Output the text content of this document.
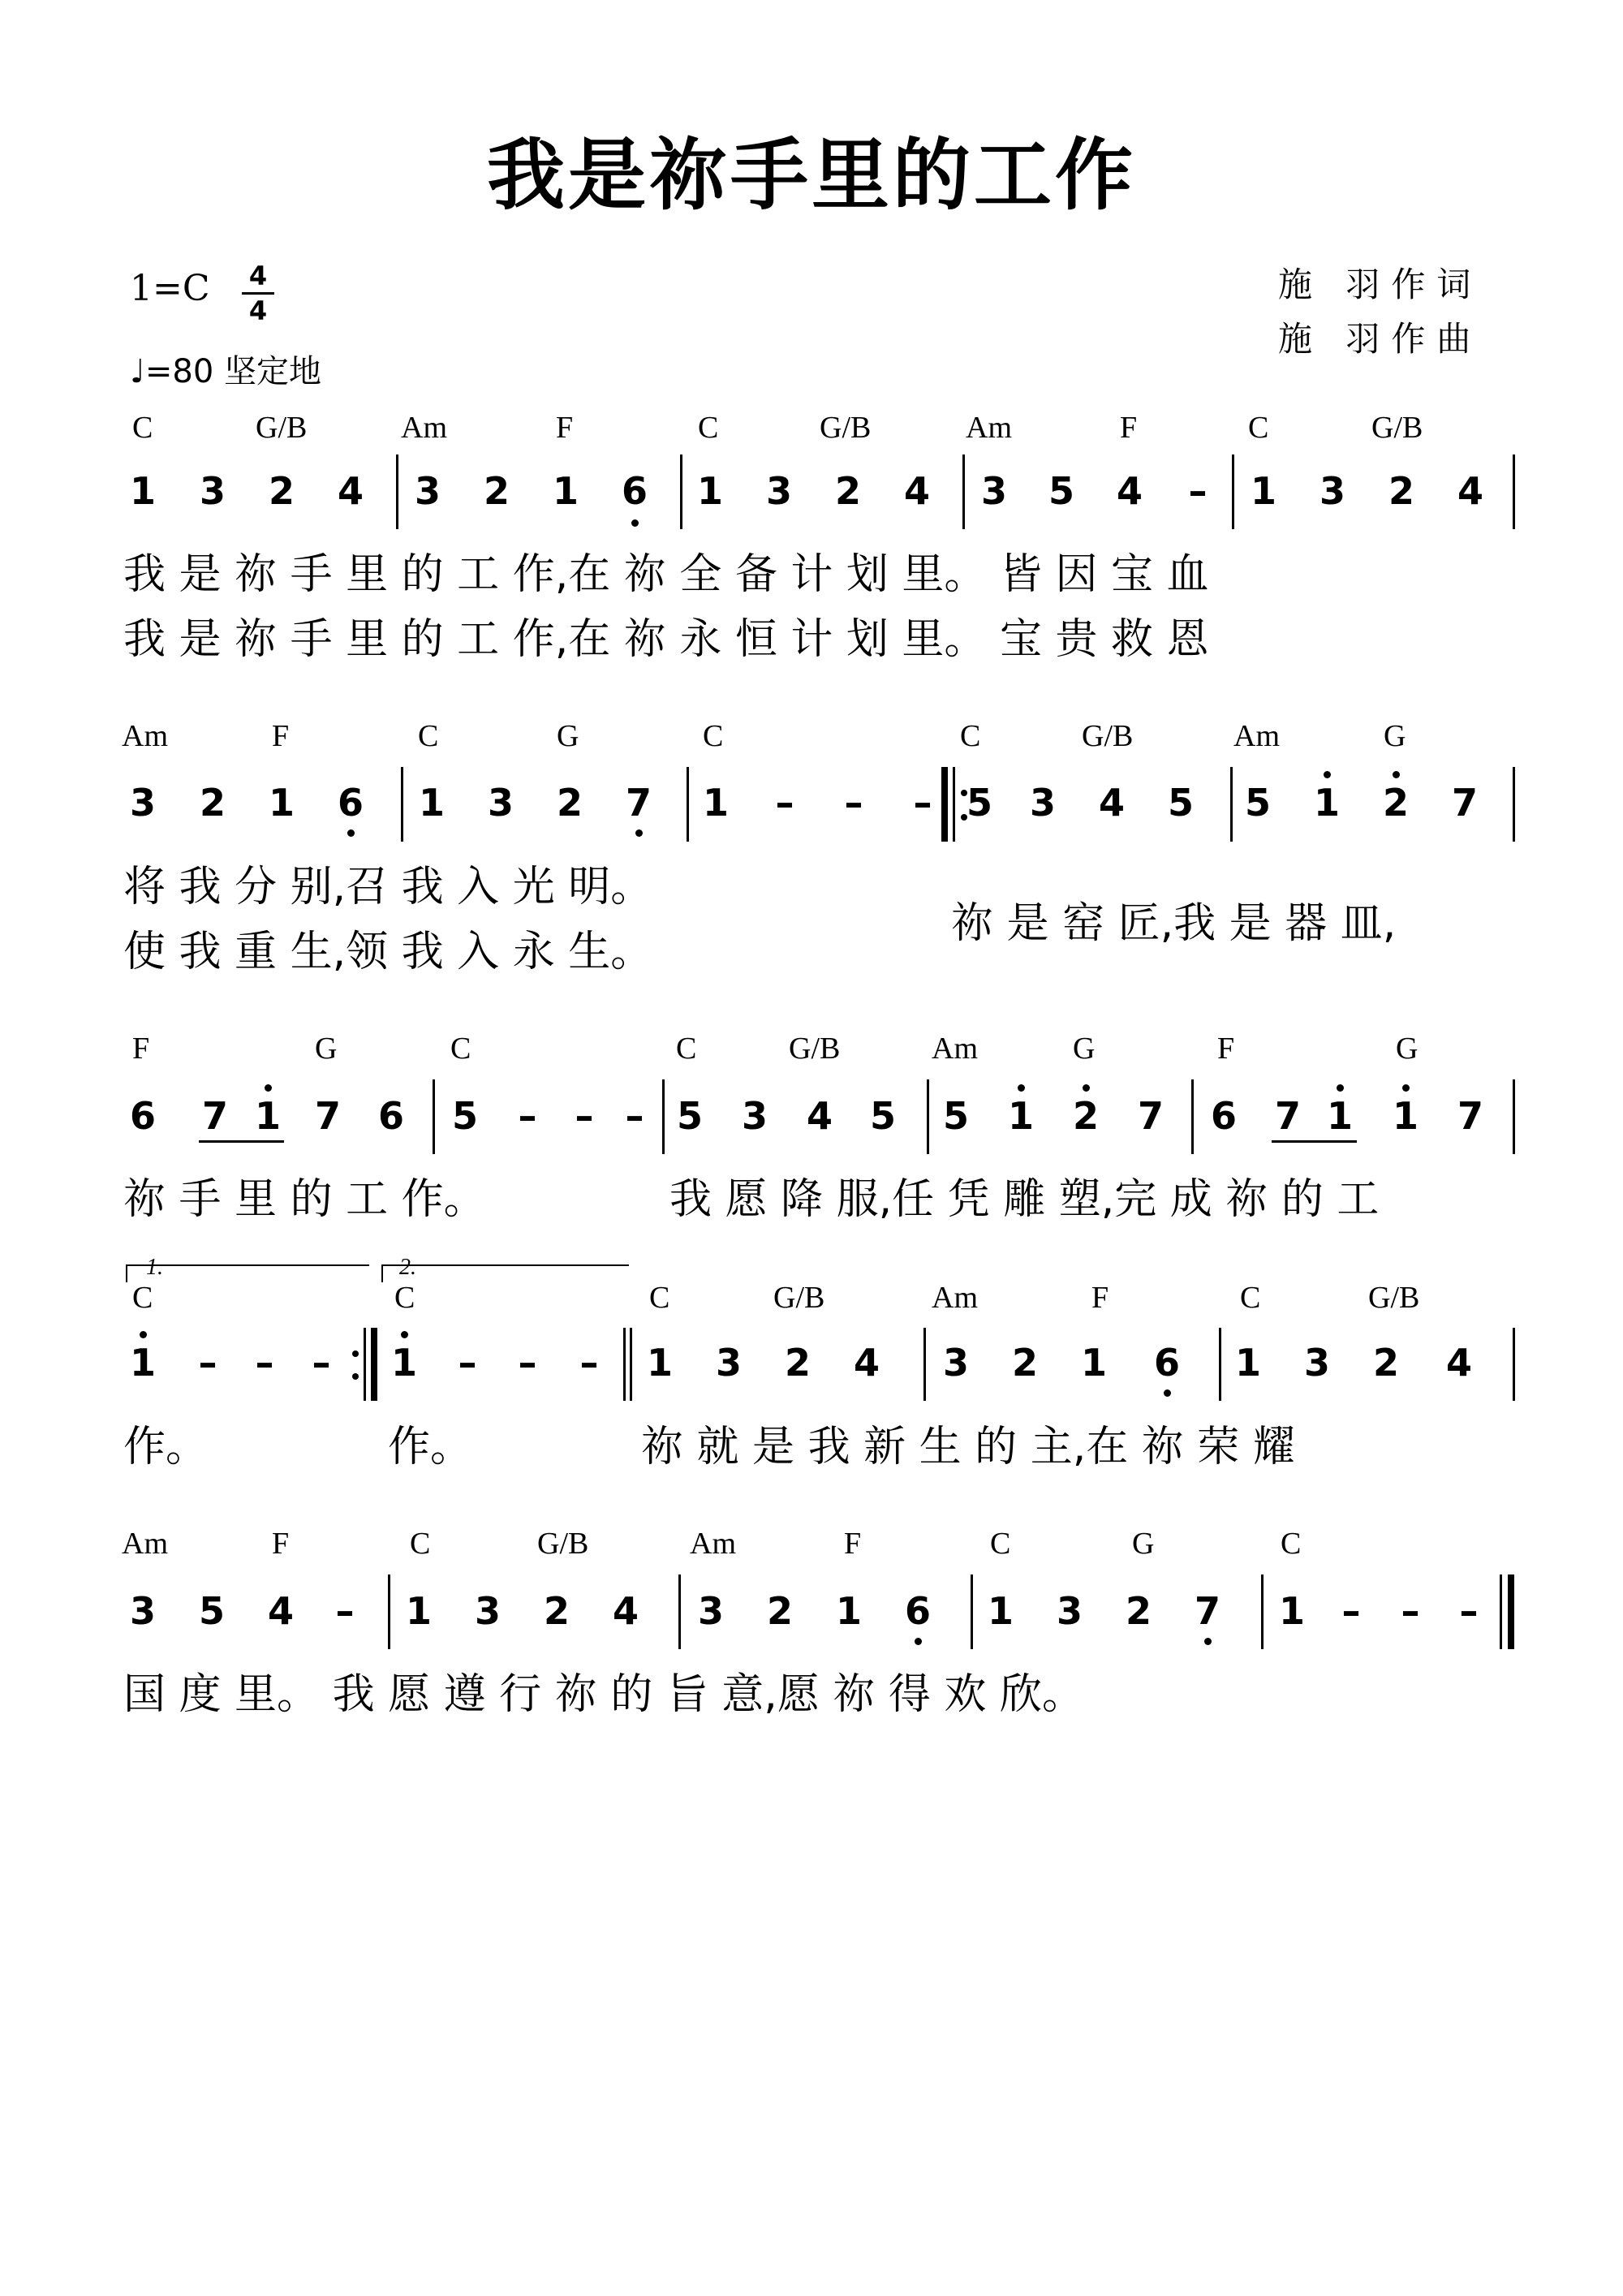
我是祢手里的工作
1=C 4
4
♩=80 坚定地
施 羽作词
施 羽作曲
C	G/B	Am	F	C	G/B	Am	F	C	G/B
1 3 2 4 3 2 1 6 1 3 2 4 3 5 4 – 1 3 2 4
我 是 祢 手 里 的 工 作,在 祢 全 备 计 划 里。 皆 因 宝 血
我 是 祢 手 里 的 工 作,在 祢 永 恒 计 划 里。 宝 贵 救 恩
Am	F	C	G	C	C	G/B	Am	G
3 2 1 6 1 3 2 7 1 – – – 5 3 4 5 5 1 2 7
将 我 分 别,召 我 入 光 明。
使 我 重 生,领 我 入 永 生。
祢 是 窑 匠,我 是 器 皿,
F	G	C	C	G/B	Am	G	F	G
6 7 1 7 6 5 – – – 5 3 4 5 5 1 2 7 6 7 1 1 7
祢 手 里 的 工 作。	我 愿 降 服,任 凭 雕 塑,完 成 祢 的 工
1.	2.
C	C	C	G/B	Am	F	C	G/B
1 – – – 1 – – – 1 3 2 4 3 2 1 6 1 3 2 4
作。	作。	祢 就 是 我 新 生 的 主,在 祢 荣 耀
Am	F	C	G/B	Am	F	C	G	C
3 5 4 – 1 3 2 4 3 2 1 6 1 3 2 7 1 – – –
国 度 里。 我 愿 遵 行 祢 的 旨 意,愿 祢 得 欢 欣。
